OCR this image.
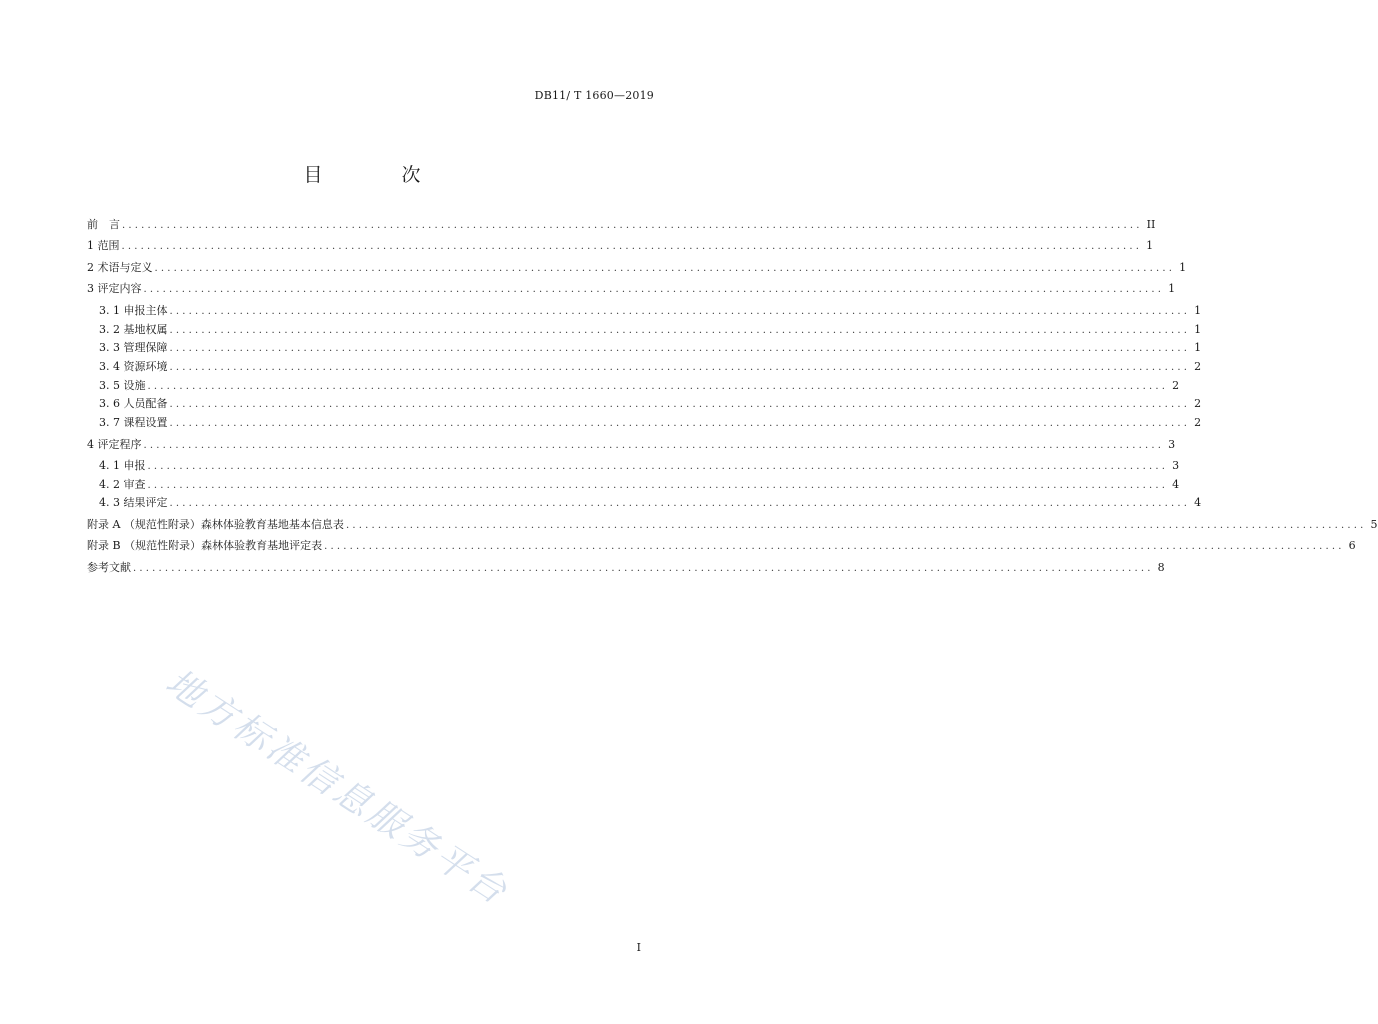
DB11/ T 1660—2019
目　次
前　言 ................................................................................................................................................................ II
1 范围 ................................................................................................................................................................ 1
2 术语与定义 ................................................................................................................................................................ 1
3 评定内容 ................................................................................................................................................................ 1
3. 1 申报主体 ................................................................................................................................................................ 1
3. 2 基地权属 ................................................................................................................................................................ 1
3. 3 管理保障 ................................................................................................................................................................ 1
3. 4 资源环境 ................................................................................................................................................................ 2
3. 5 设施 ................................................................................................................................................................ 2
3. 6 人员配备 ................................................................................................................................................................ 2
3. 7 课程设置 ................................................................................................................................................................ 2
4 评定程序 ................................................................................................................................................................ 3
4. 1 申报 ................................................................................................................................................................ 3
4. 2 审查 ................................................................................................................................................................ 4
4. 3 结果评定 ................................................................................................................................................................ 4
附录 A （规范性附录）森林体验教育基地基本信息表 ................................................................................................................................................................ 5
附录 B （规范性附录）森林体验教育基地评定表 ................................................................................................................................................................ 6
参考文献 ................................................................................................................................................................ 8
地方标准信息服务平台
I
